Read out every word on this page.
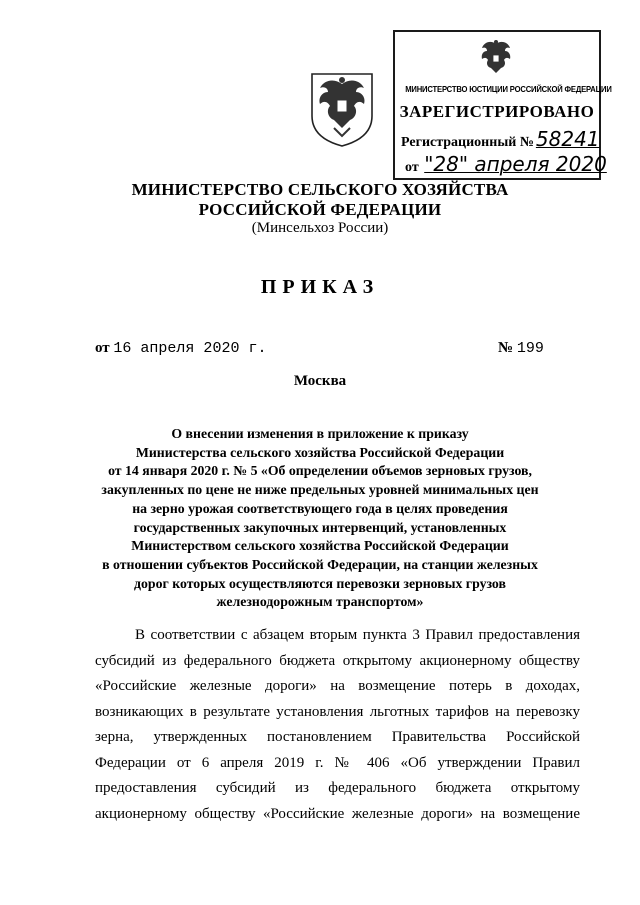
МИНИСТЕРСТВО ЮСТИЦИИ РОССИЙСКОЙ ФЕДЕРАЦИИ
ЗАРЕГИСТРИРОВАНО
Регистрационный № 58241
от "28" апреля 2020
МИНИСТЕРСТВО СЕЛЬСКОГО ХОЗЯЙСТВА
РОССИЙСКОЙ ФЕДЕРАЦИИ
(Минсельхоз России)
ПРИКАЗ
от 16 апреля 2020 г.	№ 199
Москва
О внесении изменения в приложение к приказу
Министерства сельского хозяйства Российской Федерации
от 14 января 2020 г. № 5 «Об определении объемов зерновых грузов,
закупленных по цене не ниже предельных уровней минимальных цен
на зерно урожая соответствующего года в целях проведения
государственных закупочных интервенций, установленных
Министерством сельского хозяйства Российской Федерации
в отношении субъектов Российской Федерации, на станции железных
дорог которых осуществляются перевозки зерновых грузов
железнодорожным транспортом»
В соответствии с абзацем вторым пункта 3 Правил предоставления
субсидий из федерального бюджета открытому акционерному обществу
«Российские железные дороги» на возмещение потерь в доходах,
возникающих в результате установления льготных тарифов на перевозку
зерна, утвержденных постановлением Правительства Российской
Федерации от 6 апреля 2019 г. № 406 «Об утверждении Правил
предоставления субсидий из федерального бюджета открытому
акционерному обществу «Российские железные дороги» на возмещение
